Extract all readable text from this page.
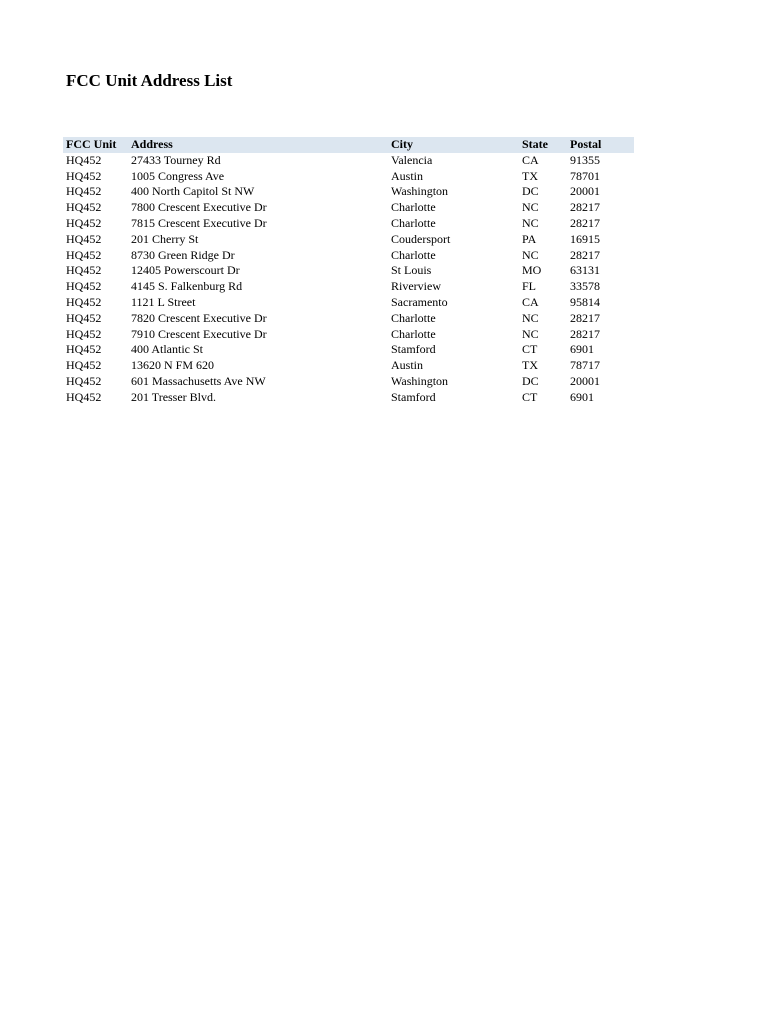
FCC Unit Address List
FCC Unit	Address	City	State	Postal
HQ452	27433 Tourney Rd	Valencia	CA	91355
HQ452	1005 Congress Ave	Austin	TX	78701
HQ452	400 North Capitol St NW	Washington	DC	20001
HQ452	7800 Crescent Executive Dr	Charlotte	NC	28217
HQ452	7815 Crescent Executive Dr	Charlotte	NC	28217
HQ452	201 Cherry St	Coudersport	PA	16915
HQ452	8730 Green Ridge Dr	Charlotte	NC	28217
HQ452	12405 Powerscourt Dr	St Louis	MO	63131
HQ452	4145 S. Falkenburg Rd	Riverview	FL	33578
HQ452	1121 L Street	Sacramento	CA	95814
HQ452	7820 Crescent Executive Dr	Charlotte	NC	28217
HQ452	7910 Crescent Executive Dr	Charlotte	NC	28217
HQ452	400 Atlantic St	Stamford	CT	6901
HQ452	13620 N FM 620	Austin	TX	78717
HQ452	601 Massachusetts Ave NW	Washington	DC	20001
HQ452	201 Tresser Blvd.	Stamford	CT	6901
